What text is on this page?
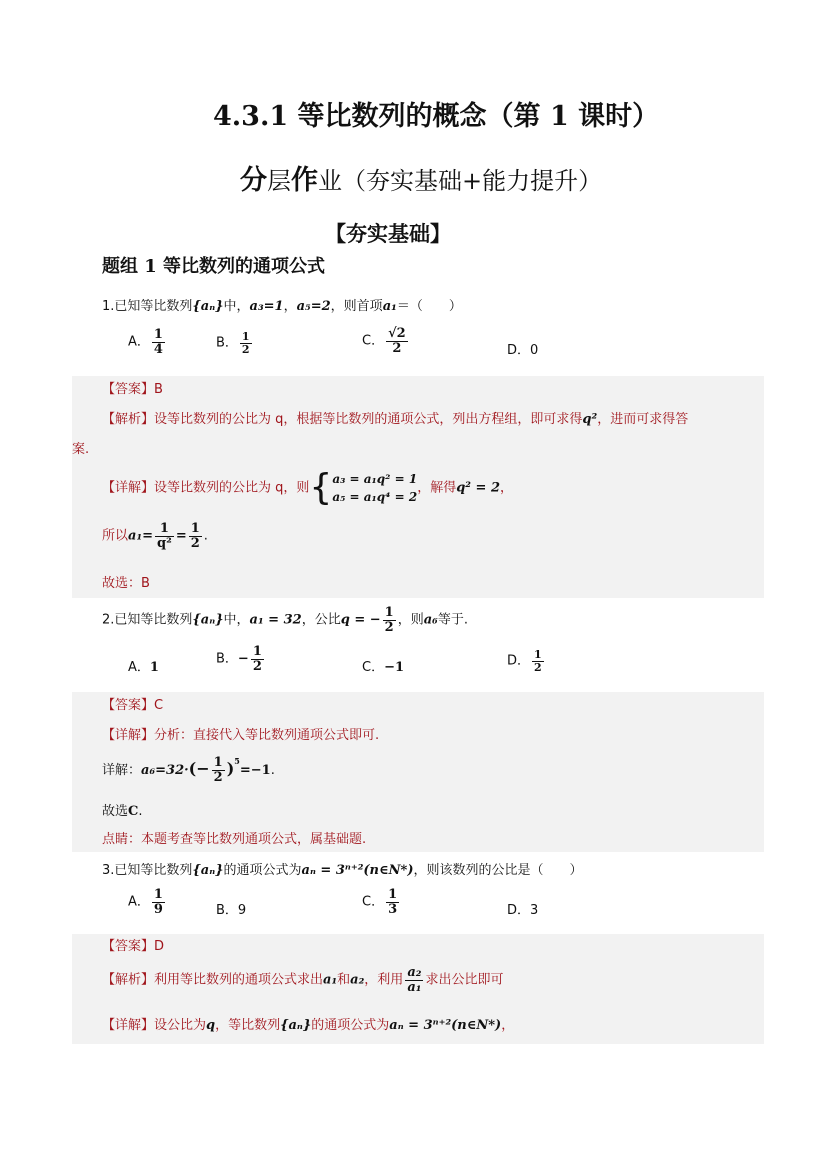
4.3.1 等比数列的概念（第 1 课时）
分层作业（夯实基础+能力提升）
【夯实基础】
题组 1 等比数列的通项公式
1.已知等比数列{aₙ}中，a₃=1，a₅=2，则首项a₁＝（　　）
A． $\frac{1}{4}$	B． $\frac{1}{2}$	C． $\frac{√2}{2}$	D．0
【答案】B
【解析】设等比数列的公比为 q，根据等比数列的通项公式，列出方程组，即可求得q²，进而可求得答
案.
【详解】设等比数列的公比为 q，则{ a₃ = a₁q² = 1
a₅ = a₁q⁴ = 2
，解得q² = 2，
所以$a_1= \frac{1}{\text{q²}} = \frac{1}{2}$ .
故选：B
2.已知等比数列{aₙ}中，a₁ = 32，公比q = − $\frac{1}{2}$ ，则a₆等于.
A．1
B．− $\frac{1}{2}$	C．−1	D． $\frac{1}{2}$
【答案】C
【详解】分析：直接代入等比数列通项公式即可.
详解：$a_6=32\cdot(- \frac{1}{2} )^5=-1$.
故选C.
点睛：本题考查等比数列通项公式，属基础题.
3.已知等比数列{aₙ}的通项公式为aₙ = 3ⁿ⁺²(n∈N*)，则该数列的公比是（　　）
A． $\frac{1}{9}$	B．9
C． $\frac{1}{3}$	D．3
【答案】D
【解析】利用等比数列的通项公式求出a₁和a₂，利用 $\frac{\text{a₂}}{\text{a₁}}$ 求出公比即可
【详解】设公比为q，等比数列{aₙ}的通项公式为aₙ = 3ⁿ⁺²(n∈N*)，
